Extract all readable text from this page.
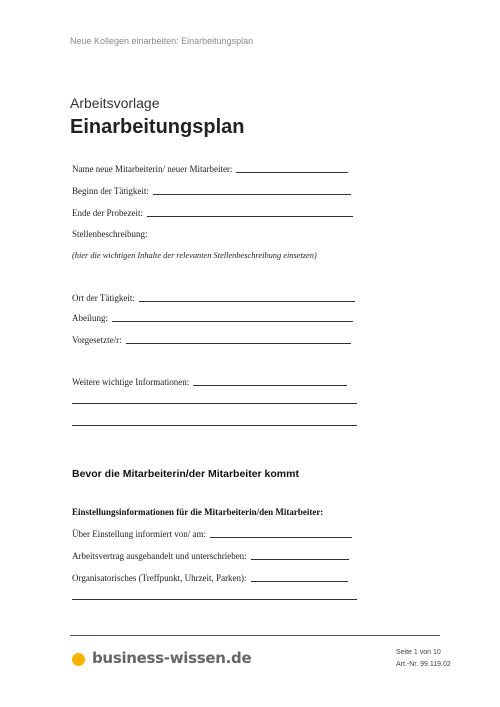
Neue Kollegen einarbeiten: Einarbeitungsplan
Arbeitsvorlage
Einarbeitungsplan
Name neue Mitarbeiterin/ neuer Mitarbeiter:
Beginn der Tätigkeit:
Ende der Probezeit:
Stellenbeschreibung:
(hier die wichtigen Inhalte der relevanten Stellenbeschreibung einsetzen)
Ort der Tätigkeit:
Abeilung:
Vorgesetzte/r:
Weitere wichtige Informationen:
Bevor die Mitarbeiterin/der Mitarbeiter kommt
Einstellungsinformationen für die Mitarbeiterin/den Mitarbeiter:
Über Einstellung informiert von/ am:
Arbeitsvertrag ausgehandelt und unterschrieben:
Organisatorisches (Treffpunkt, Uhrzeit, Parken):
business-wissen.de	Seite 1 von 10
Art.-Nr. 99.119.02
